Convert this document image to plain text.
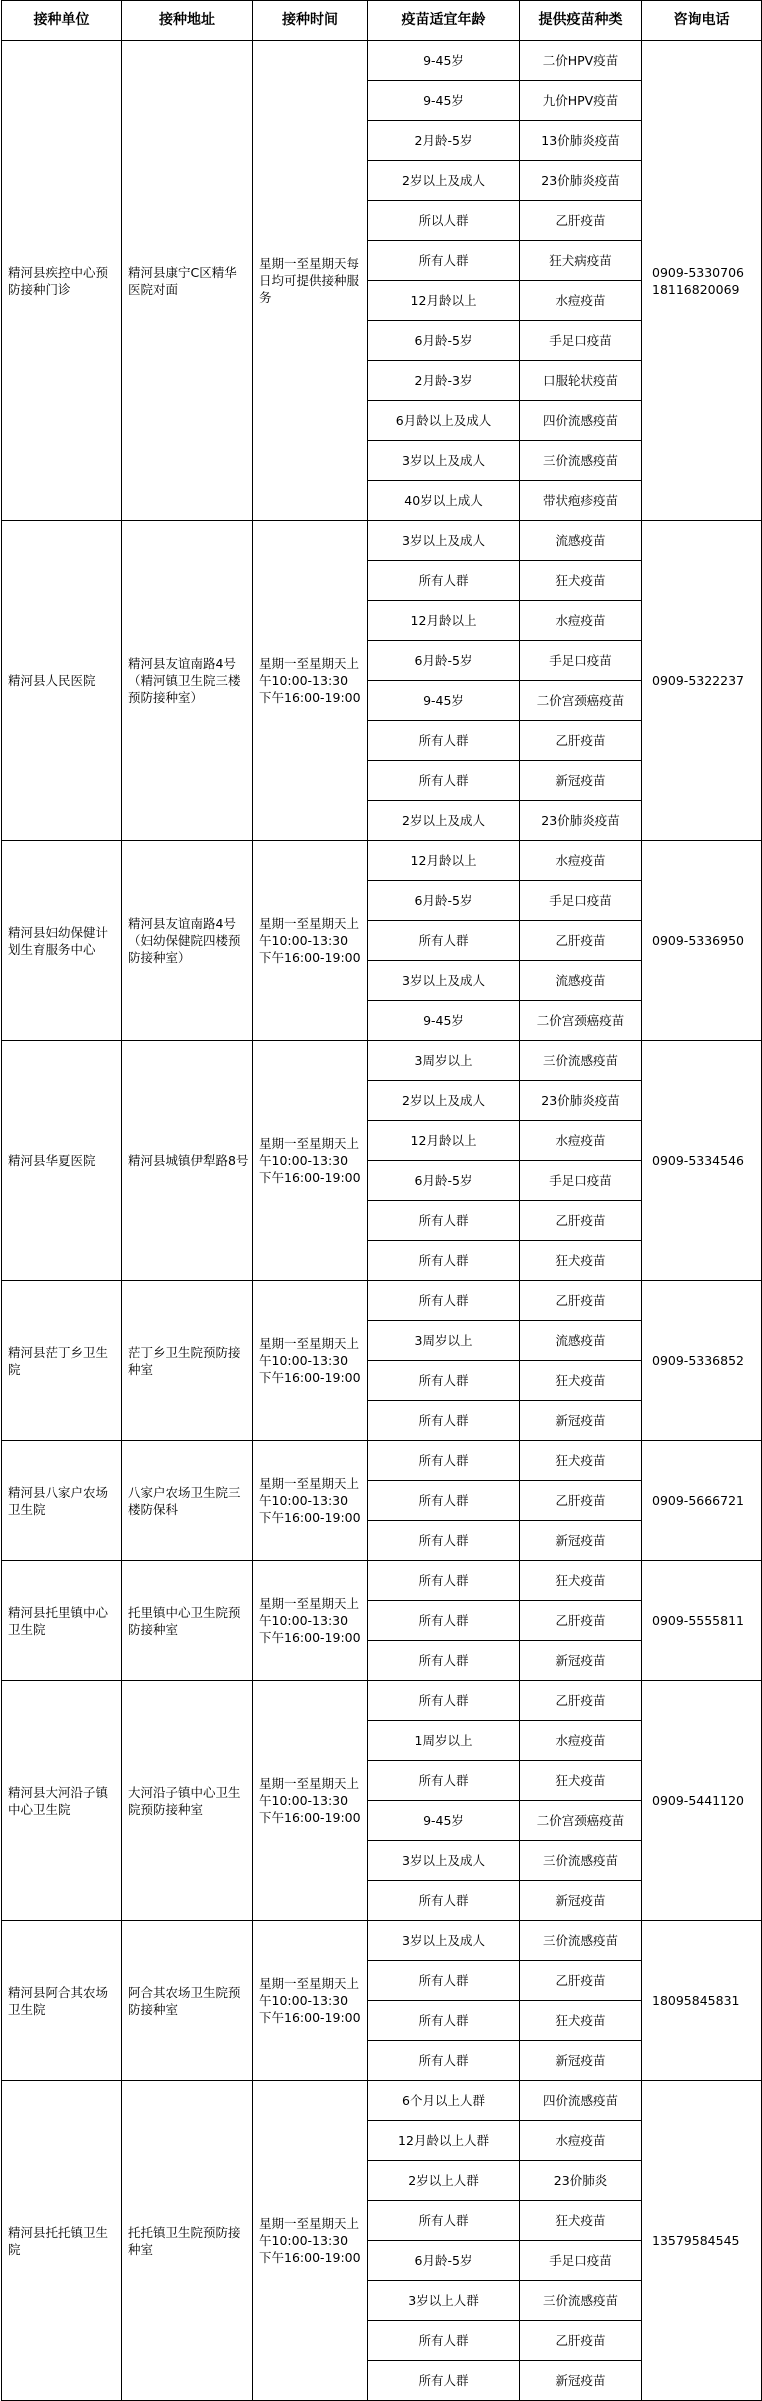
接种单位	接种地址	接种时间	疫苗适宜年龄	提供疫苗种类	咨询电话
精河县疾控中心预防接种门诊	精河县康宁C区精华医院对面	星期一至星期天每日均可提供接种服务	9-45岁	二价HPV疫苗	0909-5330706
18116820069
			9-45岁	九价HPV疫苗	
			2月龄-5岁	13价肺炎疫苗	
			2岁以上及成人	23价肺炎疫苗	
			所以人群	乙肝疫苗	
			所有人群	狂犬病疫苗	
			12月龄以上	水痘疫苗	
			6月龄-5岁	手足口疫苗	
			2月龄-3岁	口服轮状疫苗	
			6月龄以上及成人	四价流感疫苗	
			3岁以上及成人	三价流感疫苗	
			40岁以上成人	带状疱疹疫苗	
精河县人民医院	精河县友谊南路4号（精河镇卫生院三楼预防接种室）	星期一至星期天上午10:00-13:30
下午16:00-19:00	3岁以上及成人	流感疫苗	0909-5322237
			所有人群	狂犬疫苗	
			12月龄以上	水痘疫苗	
			6月龄-5岁	手足口疫苗	
			9-45岁	二价宫颈癌疫苗	
			所有人群	乙肝疫苗	
			所有人群	新冠疫苗	
			2岁以上及成人	23价肺炎疫苗	
精河县妇幼保健计划生育服务中心	精河县友谊南路4号（妇幼保健院四楼预防接种室）	星期一至星期天上午10:00-13:30
下午16:00-19:00	12月龄以上	水痘疫苗	0909-5336950
			6月龄-5岁	手足口疫苗	
			所有人群	乙肝疫苗	
			3岁以上及成人	流感疫苗	
			9-45岁	二价宫颈癌疫苗	
精河县华夏医院	精河县城镇伊犁路8号	星期一至星期天上午10:00-13:30
下午16:00-19:00	3周岁以上	三价流感疫苗	0909-5334546
			2岁以上及成人	23价肺炎疫苗	
			12月龄以上	水痘疫苗	
			6月龄-5岁	手足口疫苗	
			所有人群	乙肝疫苗	
			所有人群	狂犬疫苗	
精河县茫丁乡卫生院	茫丁乡卫生院预防接种室	星期一至星期天上午10:00-13:30
下午16:00-19:00	所有人群	乙肝疫苗	0909-5336852
			3周岁以上	流感疫苗	
			所有人群	狂犬疫苗	
			所有人群	新冠疫苗	
精河县八家户农场卫生院	八家户农场卫生院三楼防保科	星期一至星期天上午10:00-13:30
下午16:00-19:00	所有人群	狂犬疫苗	0909-5666721
			所有人群	乙肝疫苗	
			所有人群	新冠疫苗	
精河县托里镇中心卫生院	托里镇中心卫生院预防接种室	星期一至星期天上午10:00-13:30
下午16:00-19:00	所有人群	狂犬疫苗	0909-5555811
			所有人群	乙肝疫苗	
			所有人群	新冠疫苗	
精河县大河沿子镇中心卫生院	大河沿子镇中心卫生院预防接种室	星期一至星期天上午10:00-13:30
下午16:00-19:00	所有人群	乙肝疫苗	0909-5441120
			1周岁以上	水痘疫苗	
			所有人群	狂犬疫苗	
			9-45岁	二价宫颈癌疫苗	
			3岁以上及成人	三价流感疫苗	
			所有人群	新冠疫苗	
精河县阿合其农场卫生院	阿合其农场卫生院预防接种室	星期一至星期天上午10:00-13:30
下午16:00-19:00	3岁以上及成人	三价流感疫苗	18095845831
			所有人群	乙肝疫苗	
			所有人群	狂犬疫苗	
			所有人群	新冠疫苗	
精河县托托镇卫生院	托托镇卫生院预防接种室	星期一至星期天上午10:00-13:30
下午16:00-19:00	6个月以上人群	四价流感疫苗	13579584545
			12月龄以上人群	水痘疫苗	
			2岁以上人群	23价肺炎	
			所有人群	狂犬疫苗	
			6月龄-5岁	手足口疫苗	
			3岁以上人群	三价流感疫苗	
			所有人群	乙肝疫苗	
			所有人群	新冠疫苗	
